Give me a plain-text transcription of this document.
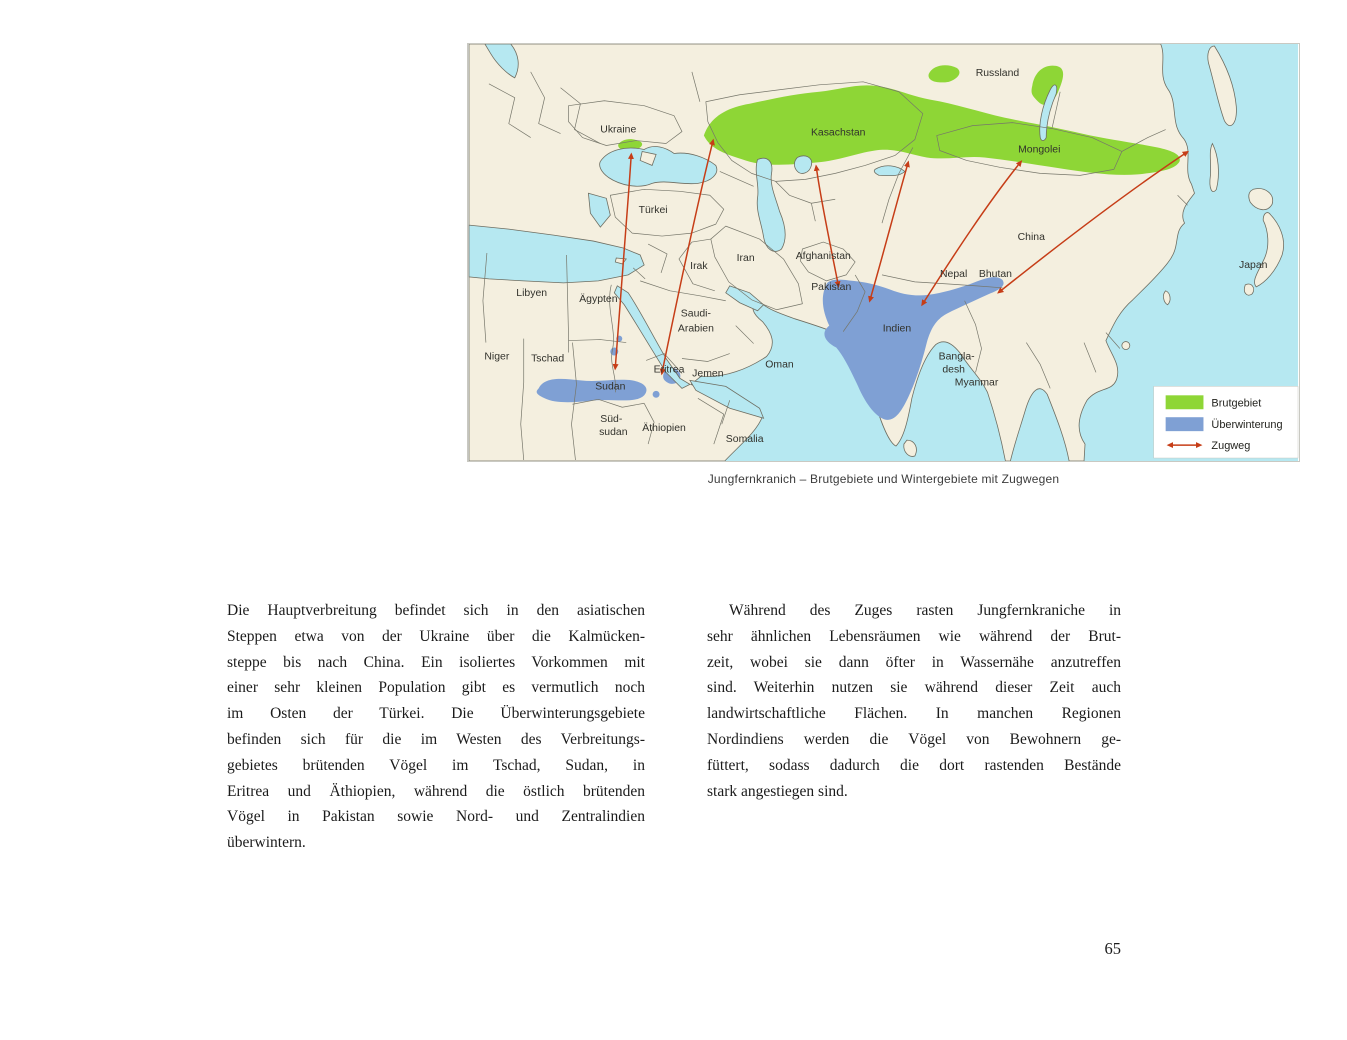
Russland
Ukraine	Kasachstan
Mongolei
Türkei
Iran	Afghanistan
China
Japan
Irak
Pakistan
Nepal Bhutan
Ägypten
Libyen
Saudi-
Arabien	Indien
Bangla-
desh
Myanmar
Niger Tschad
Sudan
Eritrea Jemen
Oman
Süd-
sudan Äthiopien
Somalia
Brutgebiet
Überwinterung
Zugweg
Jungfernkranich – Brutgebiete und Wintergebiete mit Zugwegen
Die Hauptverbreitung befindet sich in den asiatischen
Steppen etwa von der Ukraine über die Kalmücken-
steppe bis nach China. Ein isoliertes Vorkommen mit
einer sehr kleinen Population gibt es vermutlich noch
im Osten der Türkei. Die Überwinterungsgebiete
befinden sich für die im Westen des Verbreitungs-
gebietes brütenden Vögel im Tschad, Sudan, in
Eritrea und Äthiopien, während die östlich brütenden
Vögel in Pakistan sowie Nord- und Zentralindien
überwintern.
Während des Zuges rasten Jungfernkraniche in
sehr ähnlichen Lebensräumen wie während der Brut-
zeit, wobei sie dann öfter in Wassernähe anzutreffen
sind. Weiterhin nutzen sie während dieser Zeit auch
landwirtschaftliche Flächen. In manchen Regionen
Nordindiens werden die Vögel von Bewohnern ge-
füttert, sodass dadurch die dort rastenden Bestände
stark angestiegen sind.
65
